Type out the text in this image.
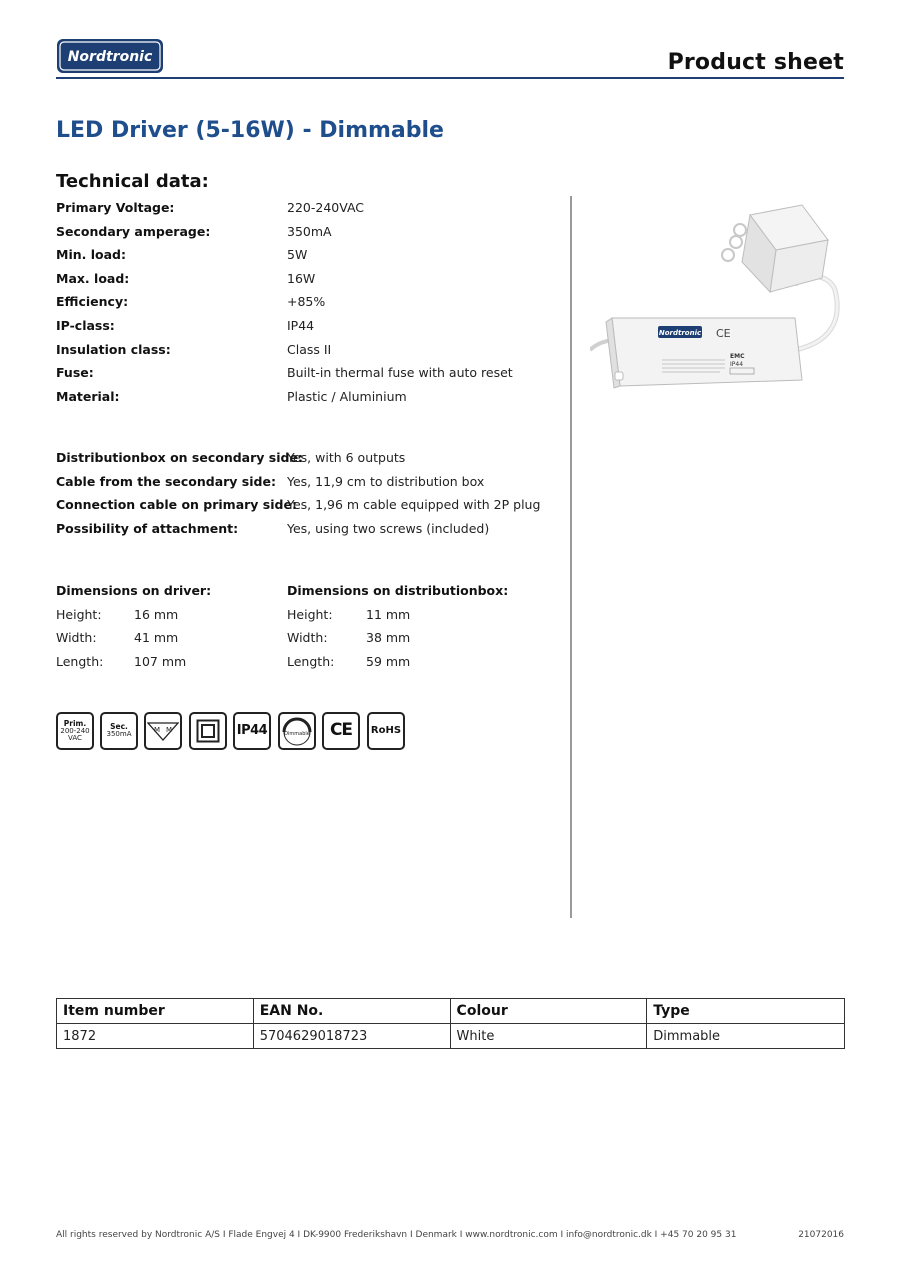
Nordtronic	Product sheet
LED Driver (5-16W) - Dimmable
Technical data:
Primary Voltage:	220-240VAC
Secondary amperage:	350mA
Min. load:	5W
Max. load:	16W
Efficiency:	+85%
IP-class:	IP44
Insulation class:	Class II
Fuse:	Built-in thermal fuse with auto reset
Material:	Plastic / Aluminium
Distributionbox on secondary side:
Yes, with 6 outputs
Cable from the secondary side: Yes, 11,9 cm to distribution box
Connection cable on primary side:
Yes, 1,96 m cable equipped with 2P plug
Possibility of attachment:	Yes, using two screws (included)
Dimensions on driver:
Height:	16 mm
Width:	41 mm
Length: 107 mm
Dimensions on distributionbox:
Height:	11 mm
Width:	38 mm
Length:	59 mm
Prim.
200-240
VAC
Sec.
350mA
M M	IP44	Dimmable CE RoHS
Nordtronic CE
EMC
IP44
Item number	EAN No.	Colour	Type
1872	5704629018723	White	Dimmable
All rights reserved by Nordtronic A/S I Flade Engvej 4 I DK-9900 Frederikshavn I Denmark I www.nordtronic.com I info@nordtronic.dk I +45 70 20 95 31	21072016
